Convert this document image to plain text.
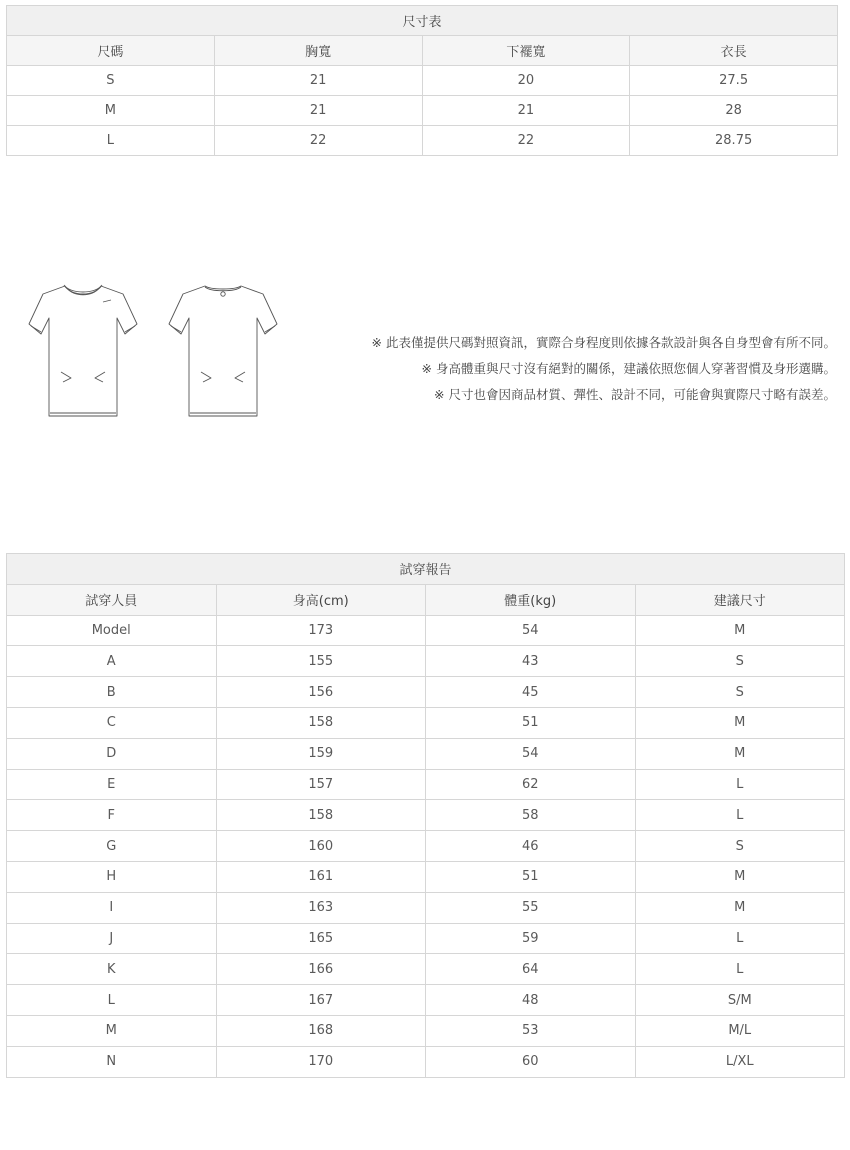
尺寸表			
尺碼	胸寬	下襬寬	衣長
S	21	20	27.5
M	21	21	28
L	22	22	28.75
※ 此表僅提供尺碼對照資訊，實際合身程度則依據各款設計與各自身型會有所不同。
※ 身高體重與尺寸沒有絕對的關係，建議依照您個人穿著習慣及身形選購。
※ 尺寸也會因商品材質、彈性、設計不同，可能會與實際尺寸略有誤差。
試穿報告			
試穿人員	身高(cm)	體重(kg)	建議尺寸
Model	173	54	M
A	155	43	S
B	156	45	S
C	158	51	M
D	159	54	M
E	157	62	L
F	158	58	L
G	160	46	S
H	161	51	M
I	163	55	M
J	165	59	L
K	166	64	L
L	167	48	S/M
M	168	53	M/L
N	170	60	L/XL
